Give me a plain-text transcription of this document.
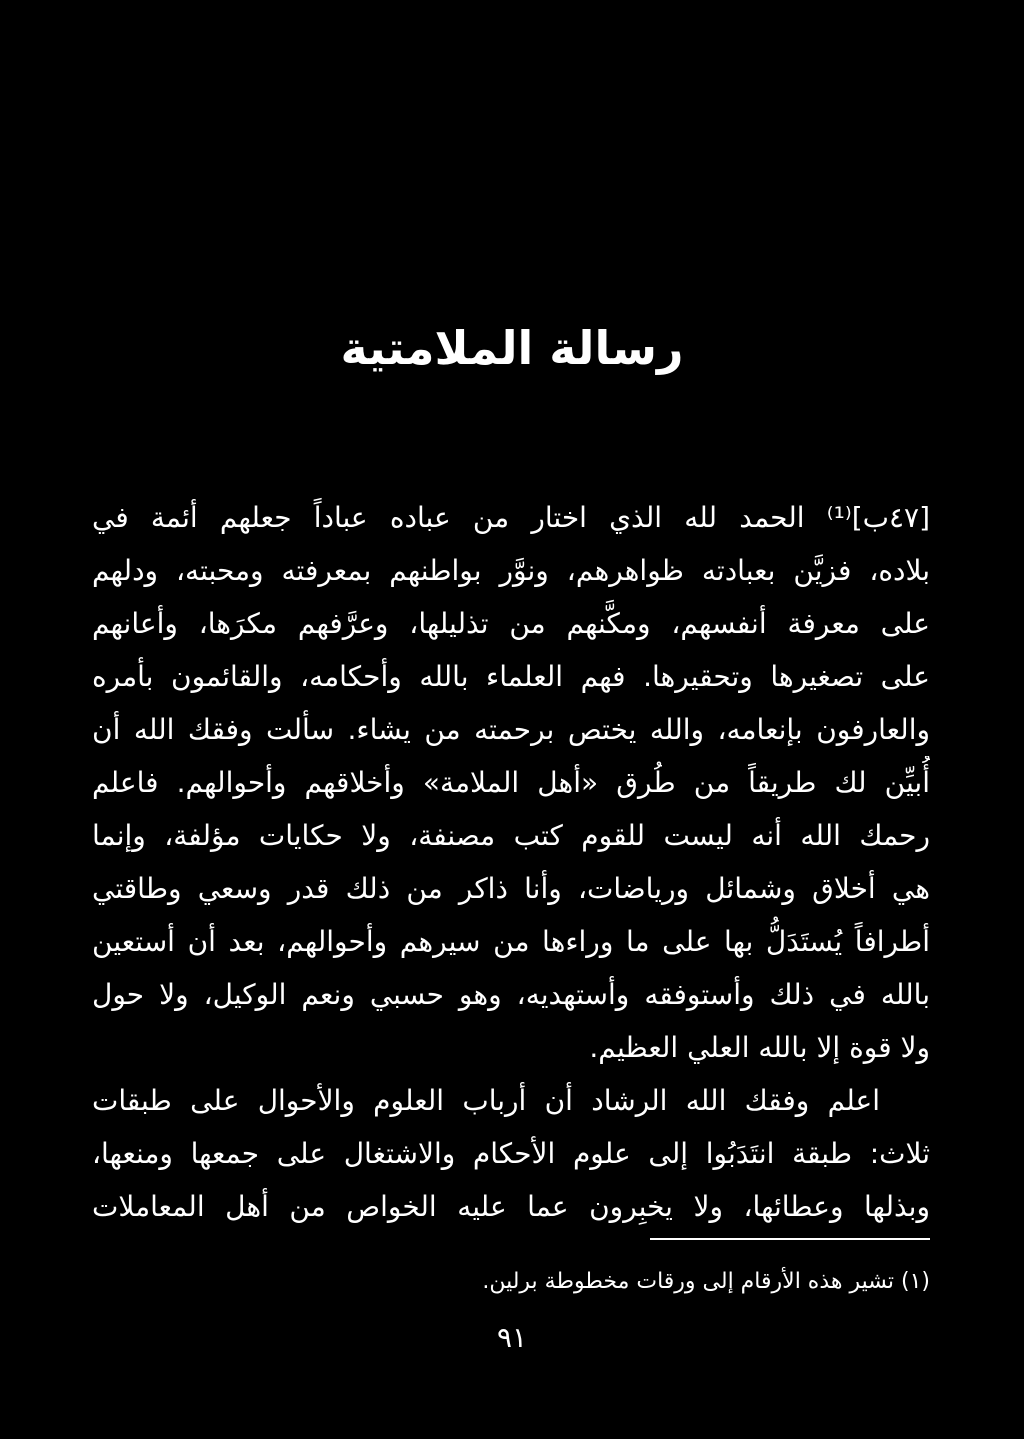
رسالة الملامتية
[٤٧ب]⁽¹⁾ الحمد لله الذي اختار من عباده عباداً جعلهم أئمة في
بلاده، فزيَّن بعبادته ظواهرهم، ونوَّر بواطنهم بمعرفته ومحبته، ودلهم
على معرفة أنفسهم، ومكَّنهم من تذليلها، وعرَّفهم مكرَها، وأعانهم
على تصغيرها وتحقيرها. فهم العلماء بالله وأحكامه، والقائمون بأمره
والعارفون بإنعامه، والله يختص برحمته من يشاء. سألت وفقك الله أن
أُبيِّن لك طريقاً من طُرق «أهل الملامة» وأخلاقهم وأحوالهم. فاعلم
رحمك الله أنه ليست للقوم كتب مصنفة، ولا حكايات مؤلفة، وإنما
هي أخلاق وشمائل ورياضات، وأنا ذاكر من ذلك قدر وسعي وطاقتي
أطرافاً يُستَدَلُّ بها على ما وراءها من سيرهم وأحوالهم، بعد أن أستعين
بالله في ذلك وأستوفقه وأستهديه، وهو حسبي ونعم الوكيل، ولا حول
ولا قوة إلا بالله العلي العظيم.
اعلم وفقك الله الرشاد أن أرباب العلوم والأحوال على طبقات
ثلاث: طبقة انتَدَبُوا إلى علوم الأحكام والاشتغال على جمعها ومنعها،
وبذلها وعطائها، ولا يخبِرون عما عليه الخواص من أهل المعاملات
(١) تشير هذه الأرقام إلى ورقات مخطوطة برلين.
٩١
